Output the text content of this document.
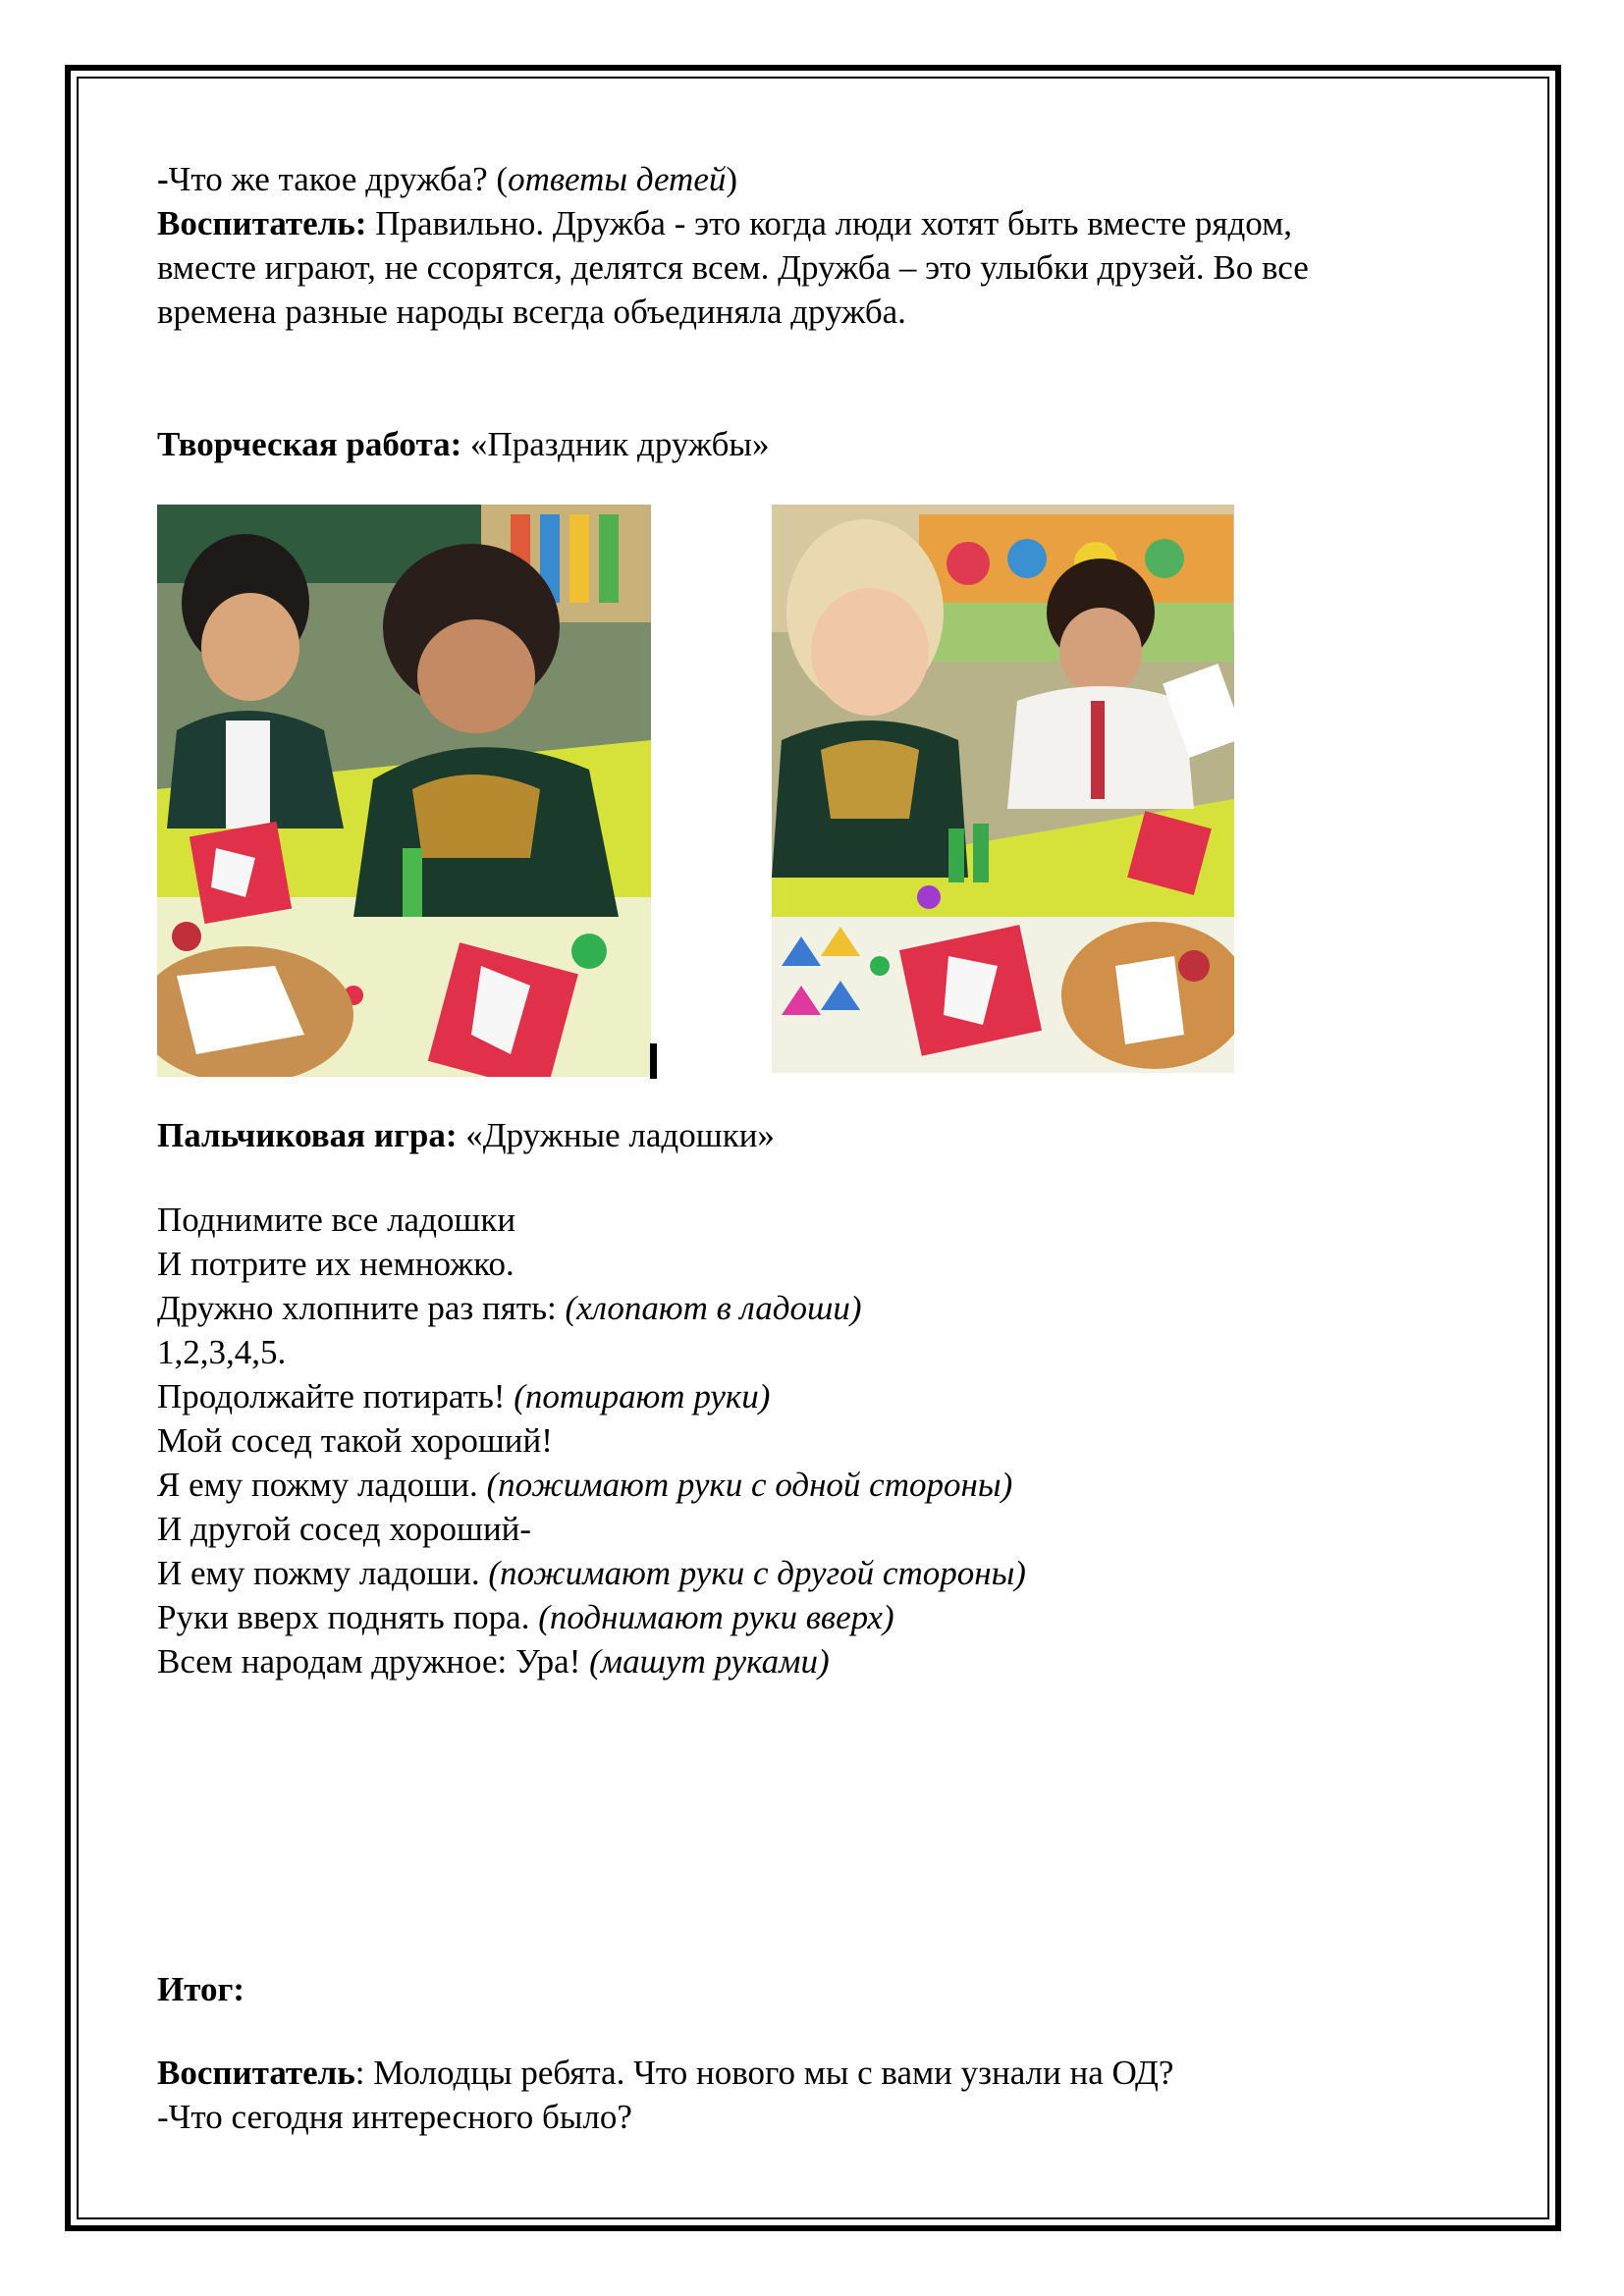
-Что же такое дружба? (ответы детей)
Воспитатель: Правильно. Дружба - это когда люди хотят быть вместе рядом,
вместе играют, не ссорятся, делятся всем. Дружба – это улыбки друзей. Во все
времена разные народы всегда объединяла дружба.
Творческая работа: «Праздник дружбы»
Пальчиковая игра: «Дружные ладошки»
Поднимите все ладошки
И потрите их немножко.
Дружно хлопните раз пять: (хлопают в ладоши)
1,2,3,4,5.
Продолжайте потирать! (потирают руки)
Мой сосед такой хороший!
Я ему пожму ладоши. (пожимают руки с одной стороны)
И другой сосед хороший-
И ему пожму ладоши. (пожимают руки с другой стороны)
Руки вверх поднять пора. (поднимают руки вверх)
Всем народам дружное: Ура! (машут руками)
Итог:
Воспитатель: Молодцы ребята. Что нового мы с вами узнали на ОД?
-Что сегодня интересного было?
